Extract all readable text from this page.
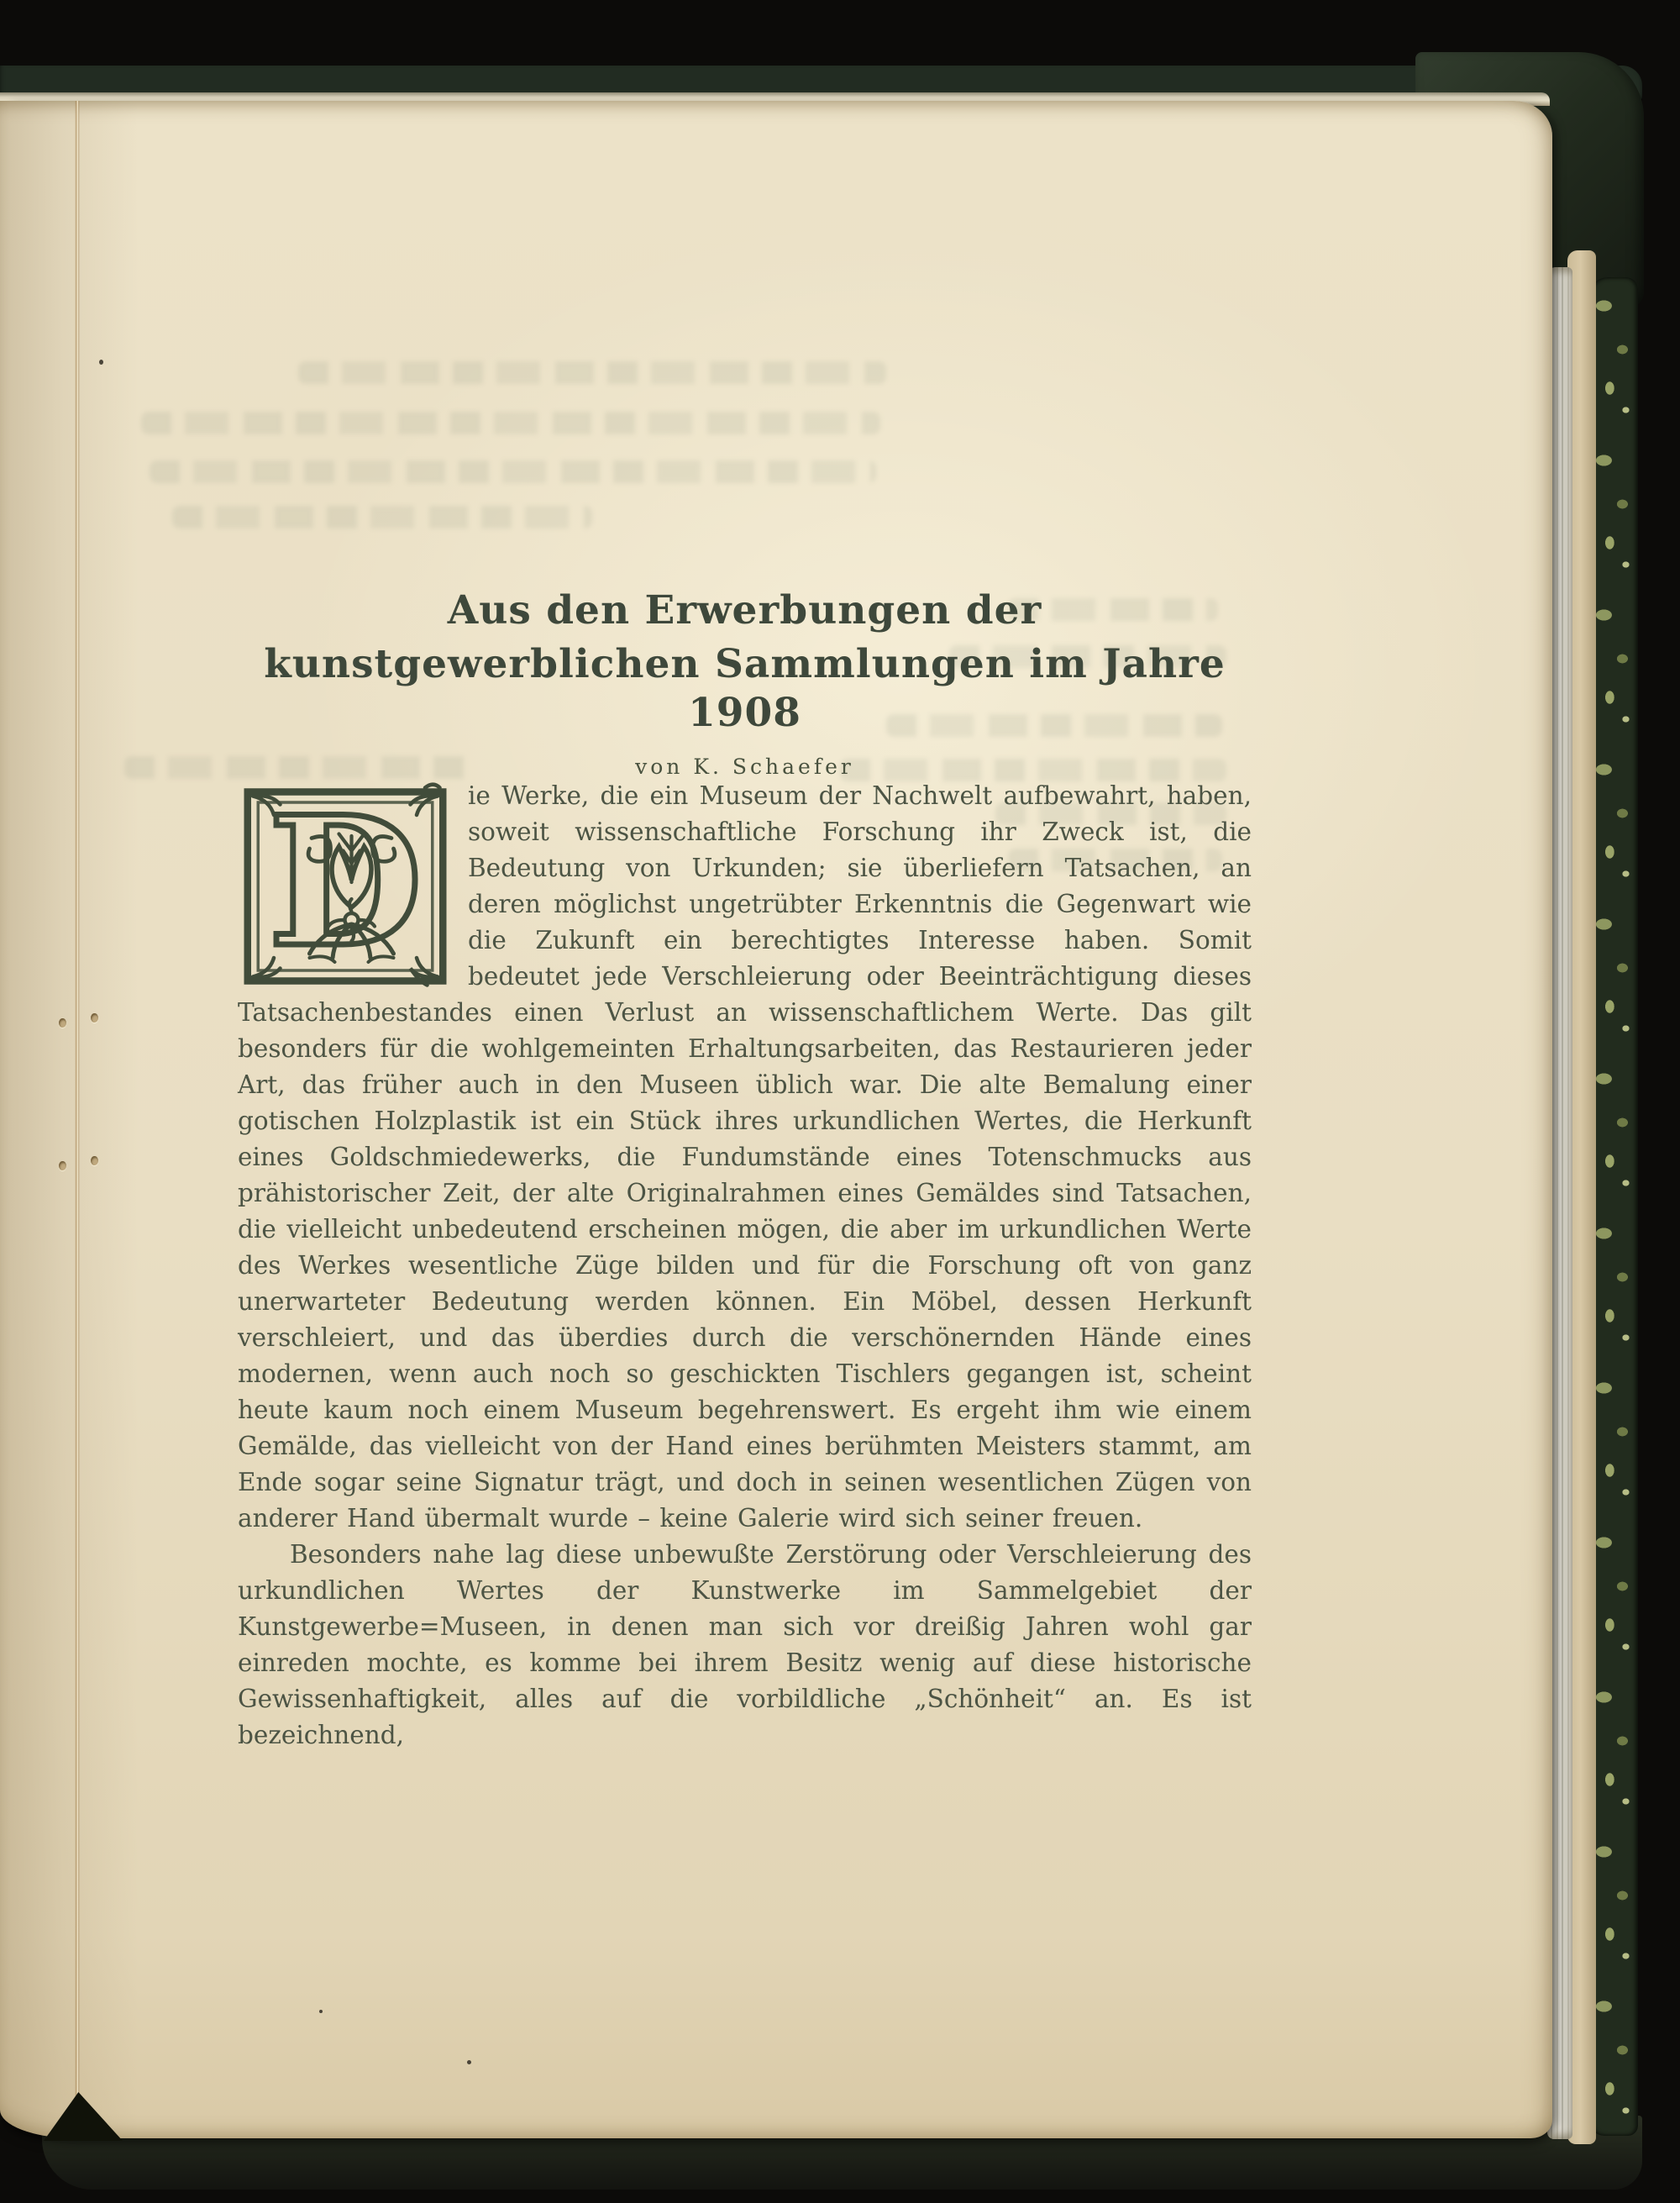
Aus den Erwerbungen der
kunstgewerblichen Sammlungen im Jahre 1908
von K. Schaefer
D	ie Werke, die ein Museum der Nachwelt aufbewahrt, haben, soweit wissenschaftliche Forschung ihr Zweck ist, die Bedeutung von Urkunden; sie überliefern Tatsachen, an deren möglichst ungetrübter Erkenntnis die Gegenwart wie die Zukunft ein berechtigtes Interesse haben. Somit bedeutet jede Verschleierung oder Beeinträchtigung dieses Tatsachenbestandes einen Verlust an wissenschaftlichem Werte. Das gilt besonders für die wohlgemeinten Erhaltungsarbeiten, das Restaurieren jeder Art, das früher auch in den Museen üblich war. Die alte Bemalung einer gotischen Holzplastik ist ein Stück ihres urkundlichen Wertes, die Herkunft eines Goldschmiedewerks, die Fundumstände eines Totenschmucks aus prähistorischer Zeit, der alte Originalrahmen eines Gemäldes sind Tatsachen, die vielleicht unbedeutend erscheinen mögen, die aber im urkundlichen Werte des Werkes wesentliche Züge bilden und für die Forschung oft von ganz unerwarteter Bedeutung werden können. Ein Möbel, dessen Herkunft verschleiert, und das überdies durch die verschönernden Hände eines modernen, wenn auch noch so geschickten Tischlers gegangen ist, scheint heute kaum noch einem Museum begehrenswert. Es ergeht ihm wie einem Gemälde, das vielleicht von der Hand eines berühmten Meisters stammt, am Ende sogar seine Signatur trägt, und doch in seinen wesentlichen Zügen von anderer Hand übermalt wurde – keine Galerie wird sich seiner freuen.

Besonders nahe lag diese unbewußte Zerstörung oder Verschleierung des urkundlichen Wertes der Kunstwerke im Sammelgebiet der Kunstgewerbe=Museen, in denen man sich vor dreißig Jahren wohl gar einreden mochte, es komme bei ihrem Besitz wenig auf diese historische Gewissenhaftigkeit, alles auf die vorbildliche „Schönheit“ an. Es ist bezeichnend,
